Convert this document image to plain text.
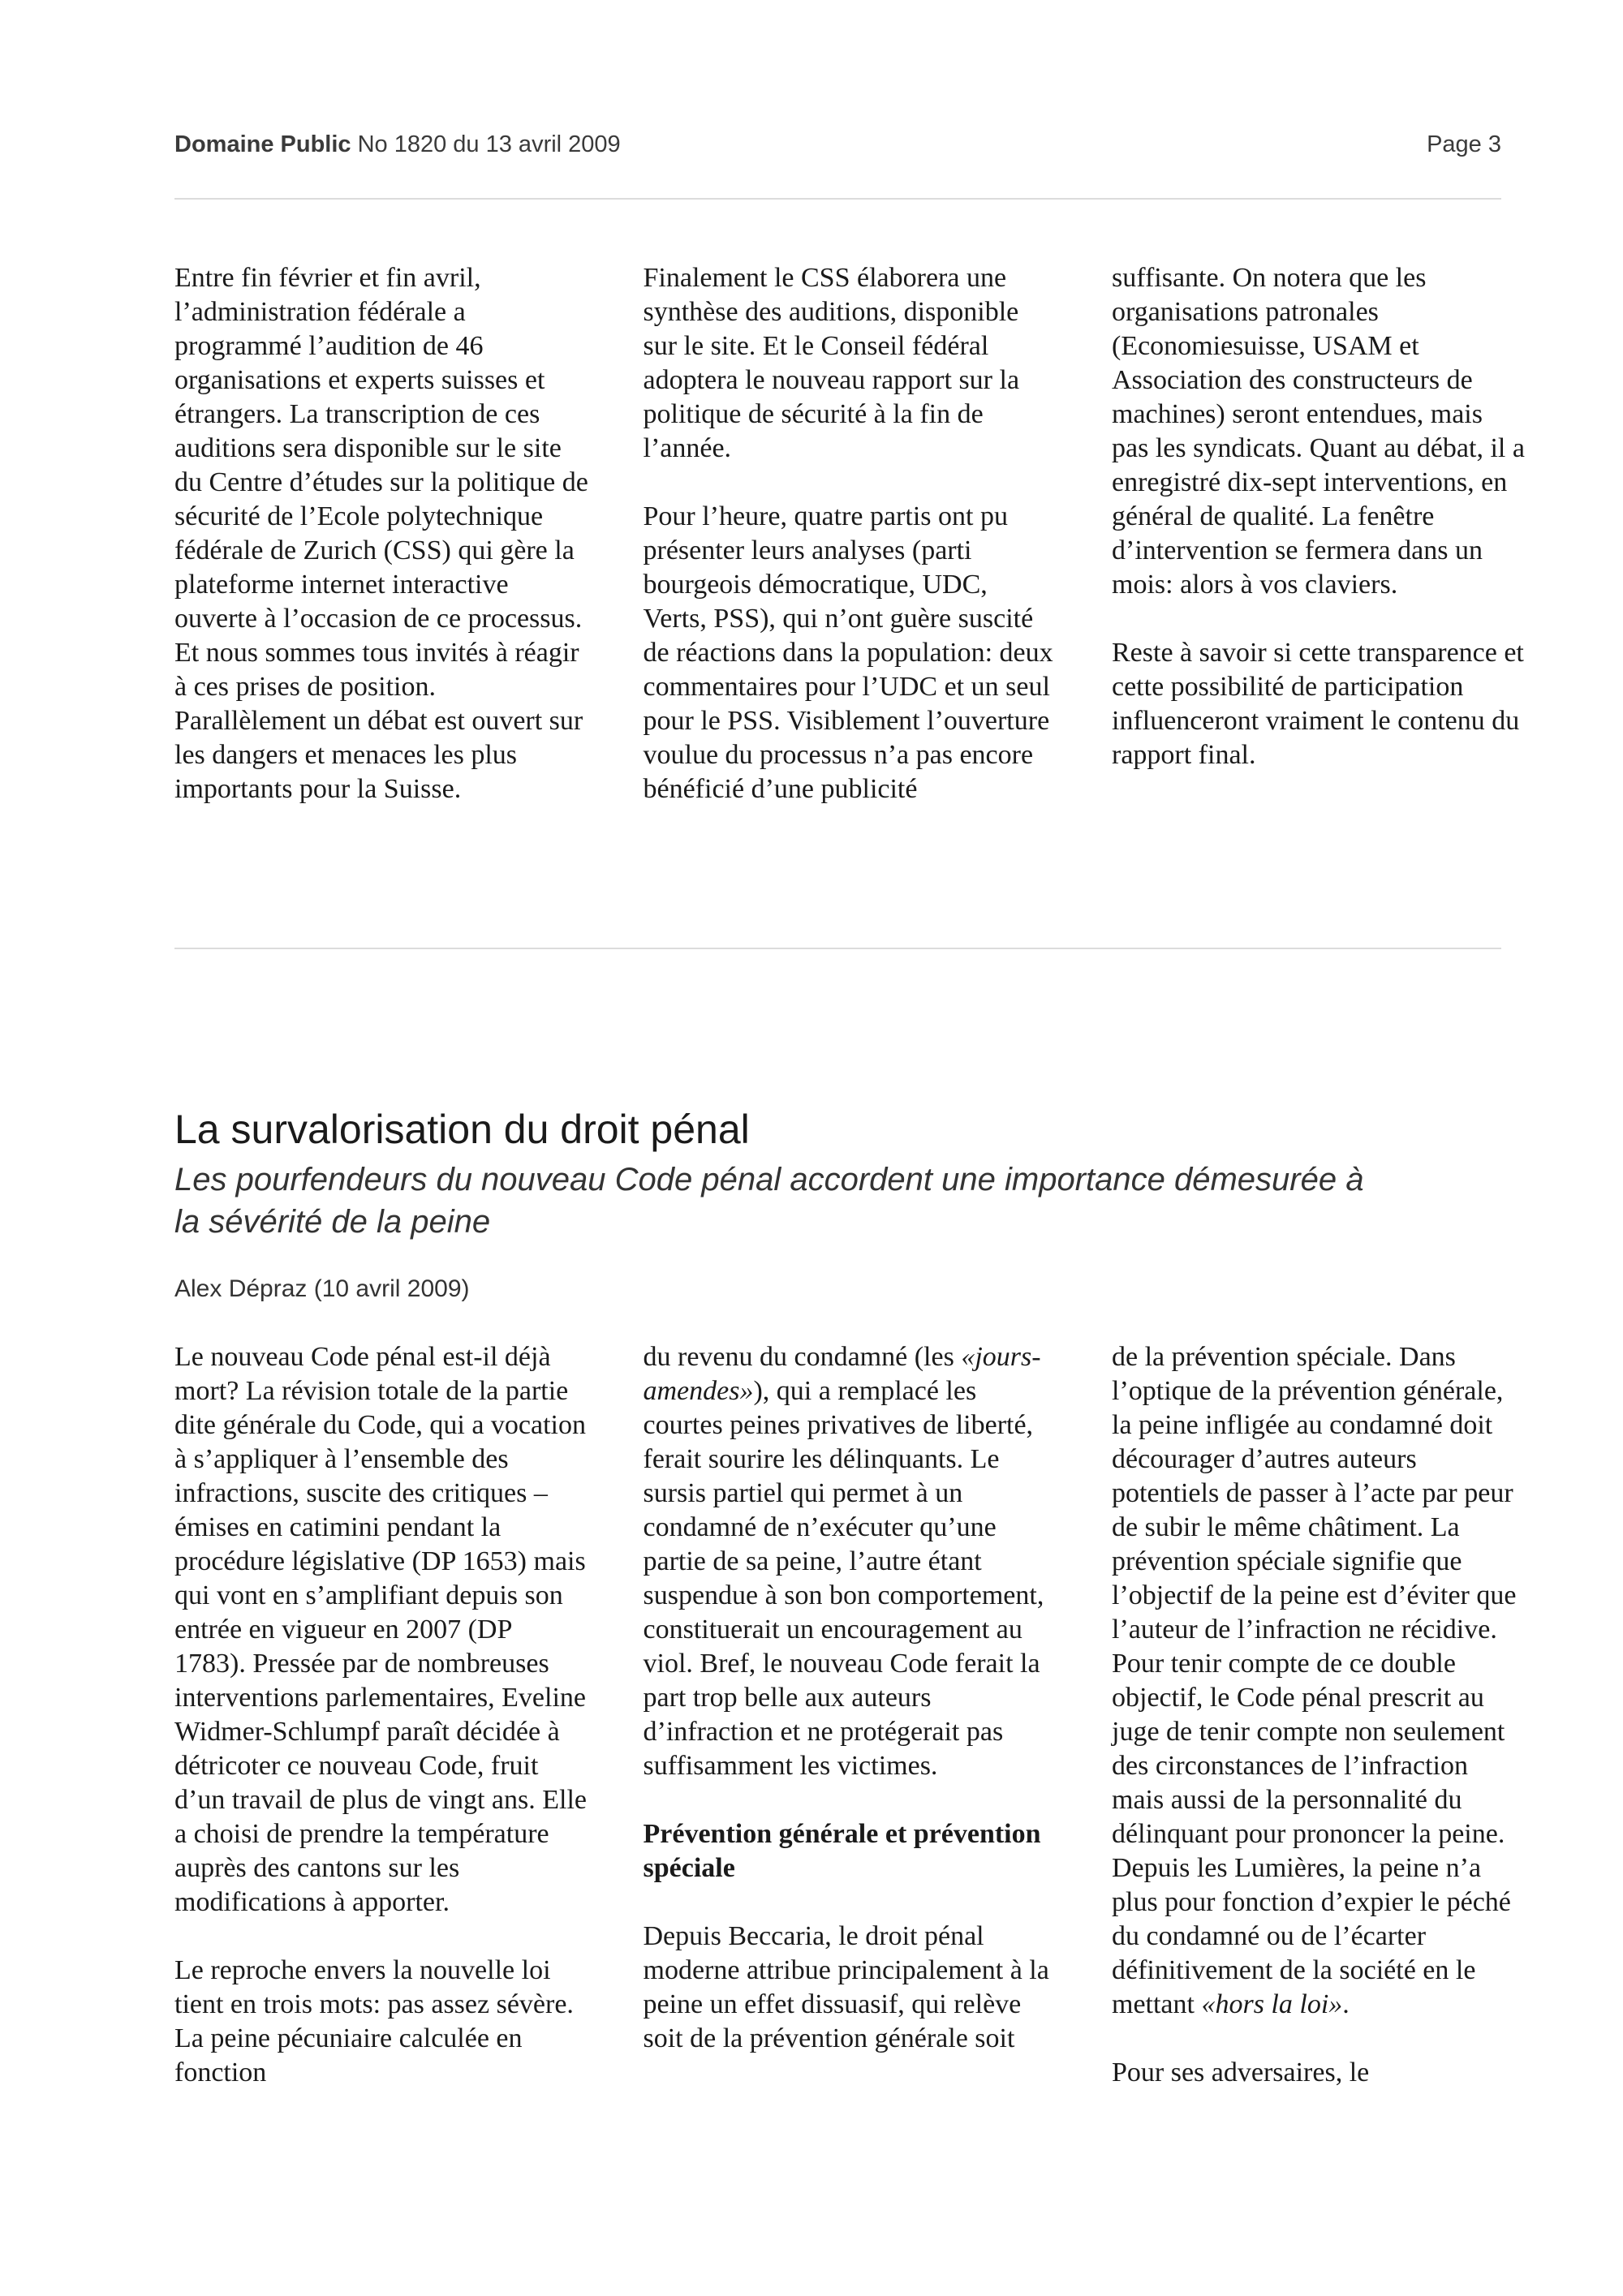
Domaine Public No 1820 du 13 avril 2009	Page 3

Entre fin février et fin avril, l’administration fédérale a programmé l’audition de 46 organisations et experts suisses et étrangers. La transcription de ces auditions sera disponible sur le site du Centre d’études sur la politique de sécurité de l’Ecole polytechnique fédérale de Zurich (CSS) qui gère la plateforme internet interactive ouverte à l’occasion de ce processus. Et nous sommes tous invités à réagir à ces prises de position. Parallèlement un débat est ouvert sur les dangers et menaces les plus importants pour la Suisse.

Finalement le CSS élaborera une synthèse des auditions, disponible sur le site. Et le Conseil fédéral adoptera le nouveau rapport sur la politique de sécurité à la fin de l’année.

Pour l’heure, quatre partis ont pu présenter leurs analyses (parti bourgeois démocratique, UDC, Verts, PSS), qui n’ont guère suscité de réactions dans la population: deux commentaires pour l’UDC et un seul pour le PSS. Visiblement l’ouverture voulue du processus n’a pas encore bénéficié d’une publicité

suffisante. On notera que les organisations patronales (Economiesuisse, USAM et Association des constructeurs de machines) seront entendues, mais pas les syndicats. Quant au débat, il a enregistré dix-sept interventions, en général de qualité. La fenêtre d’intervention se fermera dans un mois: alors à vos claviers.

Reste à savoir si cette transparence et cette possibilité de participation influenceront vraiment le contenu du rapport final.

La survalorisation du droit pénal
Les pourfendeurs du nouveau Code pénal accordent une importance démesurée à la sévérité de la peine
Alex Dépraz (10 avril 2009)

Le nouveau Code pénal est-il déjà mort? La révision totale de la partie dite générale du Code, qui a vocation à s’appliquer à l’ensemble des infractions, suscite des critiques – émises en catimini pendant la procédure législative (DP 1653) mais qui vont en s’amplifiant depuis son entrée en vigueur en 2007 (DP 1783). Pressée par de nombreuses interventions parlementaires, Eveline Widmer-Schlumpf paraît décidée à détricoter ce nouveau Code, fruit d’un travail de plus de vingt ans. Elle a choisi de prendre la température auprès des cantons sur les modifications à apporter.

Le reproche envers la nouvelle loi tient en trois mots: pas assez sévère. La peine pécuniaire calculée en fonction

du revenu du condamné (les «jours-amendes»), qui a remplacé les courtes peines privatives de liberté, ferait sourire les délinquants. Le sursis partiel qui permet à un condamné de n’exécuter qu’une partie de sa peine, l’autre étant suspendue à son bon comportement, constituerait un encouragement au viol. Bref, le nouveau Code ferait la part trop belle aux auteurs d’infraction et ne protégerait pas suffisamment les victimes.

Prévention générale et prévention spéciale

Depuis Beccaria, le droit pénal moderne attribue principalement à la peine un effet dissuasif, qui relève soit de la prévention générale soit

de la prévention spéciale. Dans l’optique de la prévention générale, la peine infligée au condamné doit décourager d’autres auteurs potentiels de passer à l’acte par peur de subir le même châtiment. La prévention spéciale signifie que l’objectif de la peine est d’éviter que l’auteur de l’infraction ne récidive. Pour tenir compte de ce double objectif, le Code pénal prescrit au juge de tenir compte non seulement des circonstances de l’infraction mais aussi de la personnalité du délinquant pour prononcer la peine. Depuis les Lumières, la peine n’a plus pour fonction d’expier le péché du condamné ou de l’écarter définitivement de la société en le mettant «hors la loi».

Pour ses adversaires, le
